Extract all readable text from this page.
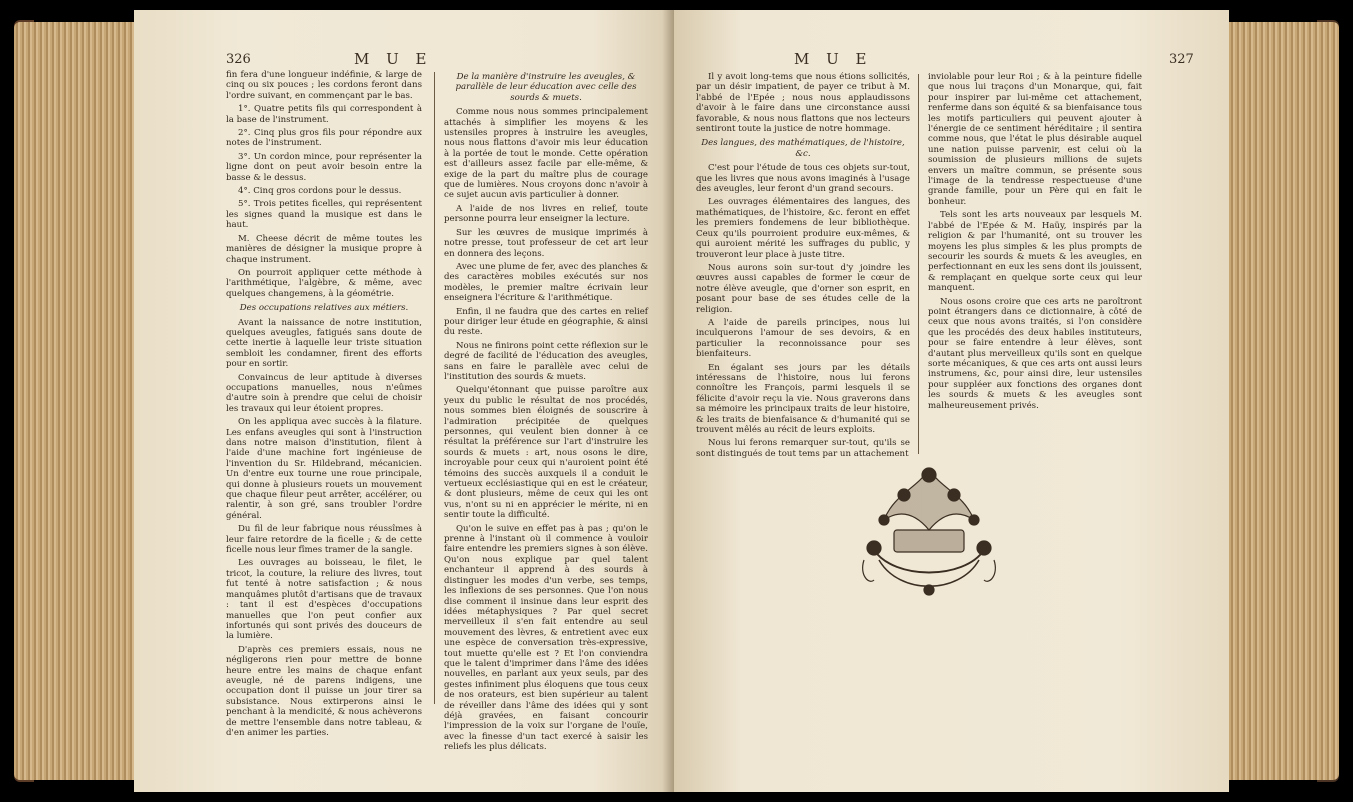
326	M U E

fin fera d'une longueur indéfinie, & large de cinq ou six pouces ; les cordons feront dans l'ordre suivant, en commençant par le bas.

1°. Quatre petits fils qui correspondent à la base de l'instrument.

2°. Cinq plus gros fils pour répondre aux notes de l'instrument.

3°. Un cordon mince, pour représenter la ligne dont on peut avoir besoin entre la basse & le dessus.

4°. Cinq gros cordons pour le dessus.

5°. Trois petites ficelles, qui représentent les signes quand la musique est dans le haut.

M. Cheese décrit de même toutes les manières de désigner la musique propre à chaque instrument.

On pourroit appliquer cette méthode à l'arithmétique, l'algèbre, & même, avec quelques changemens, à la géométrie.

Des occupations relatives aux métiers.

Avant la naissance de notre institution, quelques aveugles, fatigués sans doute de cette inertie à laquelle leur triste situation sembloit les condamner, firent des efforts pour en sortir.

Convaincus de leur aptitude à diverses occupations manuelles, nous n'eûmes d'autre soin à prendre que celui de choisir les travaux qui leur étoient propres.

On les appliqua avec succès à la filature. Les enfans aveugles qui sont à l'instruction dans notre maison d'institution, filent à l'aide d'une machine fort ingénieuse de l'invention du Sr. Hildebrand, mécanicien. Un d'entre eux tourne une roue principale, qui donne à plusieurs rouets un mouvement que chaque fileur peut arrêter, accélérer, ou ralentir, à son gré, sans troubler l'ordre général.

Du fil de leur fabrique nous réussîmes à leur faire retordre de la ficelle ; & de cette ficelle nous leur fîmes tramer de la sangle.

Les ouvrages au boisseau, le filet, le tricot, la couture, la reliure des livres, tout fut tenté à notre satisfaction ; & nous manquâmes plutôt d'artisans que de travaux : tant il est d'espèces d'occupations manuelles que l'on peut confier aux infortunés qui sont privés des douceurs de la lumière.

D'après ces premiers essais, nous ne négligerons rien pour mettre de bonne heure entre les mains de chaque enfant aveugle, né de parens indigens, une occupation dont il puisse un jour tirer sa subsistance. Nous extirperons ainsi le penchant à la mendicité, & nous achèverons de mettre l'ensemble dans notre tableau, & d'en animer les parties.

De la manière d'instruire les aveugles, & parallèle de leur éducation avec celle des sourds & muets.

Comme nous nous sommes principalement attachés à simplifier les moyens & les ustensiles propres à instruire les aveugles, nous nous flattons d'avoir mis leur éducation à la portée de tout le monde. Cette opération est d'ailleurs assez facile par elle-même, & exige de la part du maître plus de courage que de lumières. Nous croyons donc n'avoir à ce sujet aucun avis particulier à donner.

A l'aide de nos livres en relief, toute personne pourra leur enseigner la lecture.

Sur les œuvres de musique imprimés à notre presse, tout professeur de cet art leur en donnera des leçons.

Avec une plume de fer, avec des planches & des caractères mobiles exécutés sur nos modèles, le premier maître écrivain leur enseignera l'écriture & l'arithmétique.

Enfin, il ne faudra que des cartes en relief pour diriger leur étude en géographie, & ainsi du reste.

Nous ne finirons point cette réflexion sur le degré de facilité de l'éducation des aveugles, sans en faire le parallèle avec celui de l'institution des sourds & muets.

Quelqu'étonnant que puisse paroître aux yeux du public le résultat de nos procédés, nous sommes bien éloignés de souscrire à l'admiration précipitée de quelques personnes, qui veulent bien donner à ce résultat la préférence sur l'art d'instruire les sourds & muets : art, nous osons le dire, incroyable pour ceux qui n'auroient point été témoins des succès auxquels il a conduit le vertueux ecclésiastique qui en est le créateur, & dont plusieurs, même de ceux qui les ont vus, n'ont su ni en apprécier le mérite, ni en sentir toute la difficulté.

Qu'on le suive en effet pas à pas ; qu'on le prenne à l'instant où il commence à vouloir faire entendre les premiers signes à son élève. Qu'on nous explique par quel talent enchanteur il apprend à des sourds à distinguer les modes d'un verbe, ses temps, les inflexions de ses personnes. Que l'on nous dise comment il insinue dans leur esprit des idées métaphysiques ? Par quel secret merveilleux il s'en fait entendre au seul mouvement des lèvres, & entretient avec eux une espèce de conversation très-expressive, tout muette qu'elle est ? Et l'on conviendra que le talent d'imprimer dans l'âme des idées nouvelles, en parlant aux yeux seuls, par des gestes infiniment plus éloquens que tous ceux de nos orateurs, est bien supérieur au talent de réveiller dans l'âme des idées qui y sont déjà gravées, en faisant concourir l'impression de la voix sur l'organe de l'ouïe, avec la finesse d'un tact exercé à saisir les reliefs les plus délicats.

M U E	327

Il y avoit long-tems que nous étions sollicités, par un désir impatient, de payer ce tribut à M. l'abbé de l'Epée ; nous nous applaudissons d'avoir à le faire dans une circonstance aussi favorable, & nous nous flattons que nos lecteurs sentiront toute la justice de notre hommage.

Des langues, des mathématiques, de l'histoire, &c.

C'est pour l'étude de tous ces objets sur-tout, que les livres que nous avons imaginés à l'usage des aveugles, leur feront d'un grand secours.

Les ouvrages élémentaires des langues, des mathématiques, de l'histoire, &c. feront en effet les premiers fondemens de leur bibliothèque. Ceux qu'ils pourroient produire eux-mêmes, & qui auroient mérité les suffrages du public, y trouveront leur place à juste titre.

Nous aurons soin sur-tout d'y joindre les œuvres aussi capables de former le cœur de notre élève aveugle, que d'orner son esprit, en posant pour base de ses études celle de la religion.

A l'aide de pareils principes, nous lui inculquerons l'amour de ses devoirs, & en particulier la reconnoissance pour ses bienfaiteurs.

En égalant ses jours par les détails intéressans de l'histoire, nous lui ferons connoître les François, parmi lesquels il se félicite d'avoir reçu la vie. Nous graverons dans sa mémoire les principaux traits de leur histoire, & les traits de bienfaisance & d'humanité qui se trouvent mêlés au récit de leurs exploits.

Nous lui ferons remarquer sur-tout, qu'ils se sont distingués de tout tems par un attachement

inviolable pour leur Roi ; & à la peinture fidelle que nous lui traçons d'un Monarque, qui, fait pour inspirer par lui-même cet attachement, renferme dans son équité & sa bienfaisance tous les motifs particuliers qui peuvent ajouter à l'énergie de ce sentiment héréditaire ; il sentira comme nous, que l'état le plus désirable auquel une nation puisse parvenir, est celui où la soumission de plusieurs millions de sujets envers un maître commun, se présente sous l'image de la tendresse respectueuse d'une grande famille, pour un Père qui en fait le bonheur.

Tels sont les arts nouveaux par lesquels M. l'abbé de l'Epée & M. Haüy, inspirés par la religion & par l'humanité, ont su trouver les moyens les plus simples & les plus prompts de secourir les sourds & muets & les aveugles, en perfectionnant en eux les sens dont ils jouissent, & remplaçant en quelque sorte ceux qui leur manquent.

Nous osons croire que ces arts ne paroîtront point étrangers dans ce dictionnaire, à côté de ceux que nous avons traités, si l'on considère que les procédés des deux habiles instituteurs, pour se faire entendre à leur élèves, sont d'autant plus merveilleux qu'ils sont en quelque sorte mécaniques, & que ces arts ont aussi leurs instrumens, &c, pour ainsi dire, leur ustensiles pour suppléer aux fonctions des organes dont les sourds & muets & les aveugles sont malheureusement privés.
